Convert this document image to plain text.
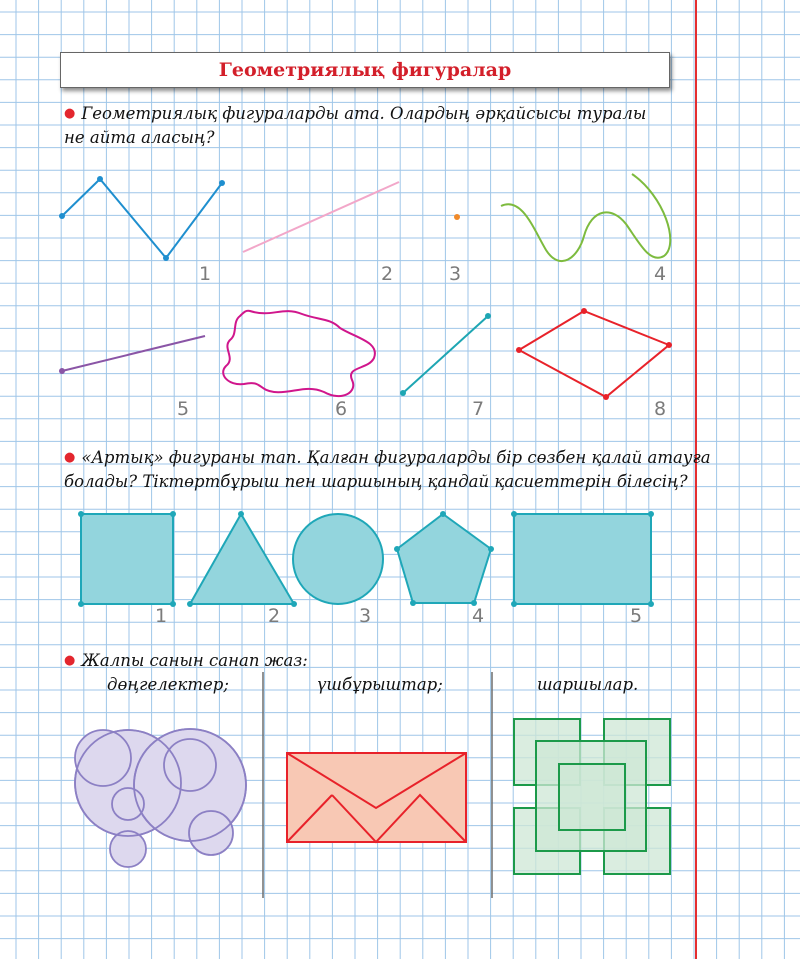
Геометриялық фигуралар
● Геометриялық фигураларды ата. Олардың әрқайсысы туралы
не айта аласың?
1	2	3	4
5	6	7	8
● «Артық» фигураны тап. Қалған фигураларды бір сөзбен қалай атауға
болады? Тіктөртбұрыш пен шаршының қандай қасиеттерін білесің?
1	2	3	4	5
● Жалпы санын санап жаз:
дөңгелектер;	үшбұрыштар;	шаршылар.
